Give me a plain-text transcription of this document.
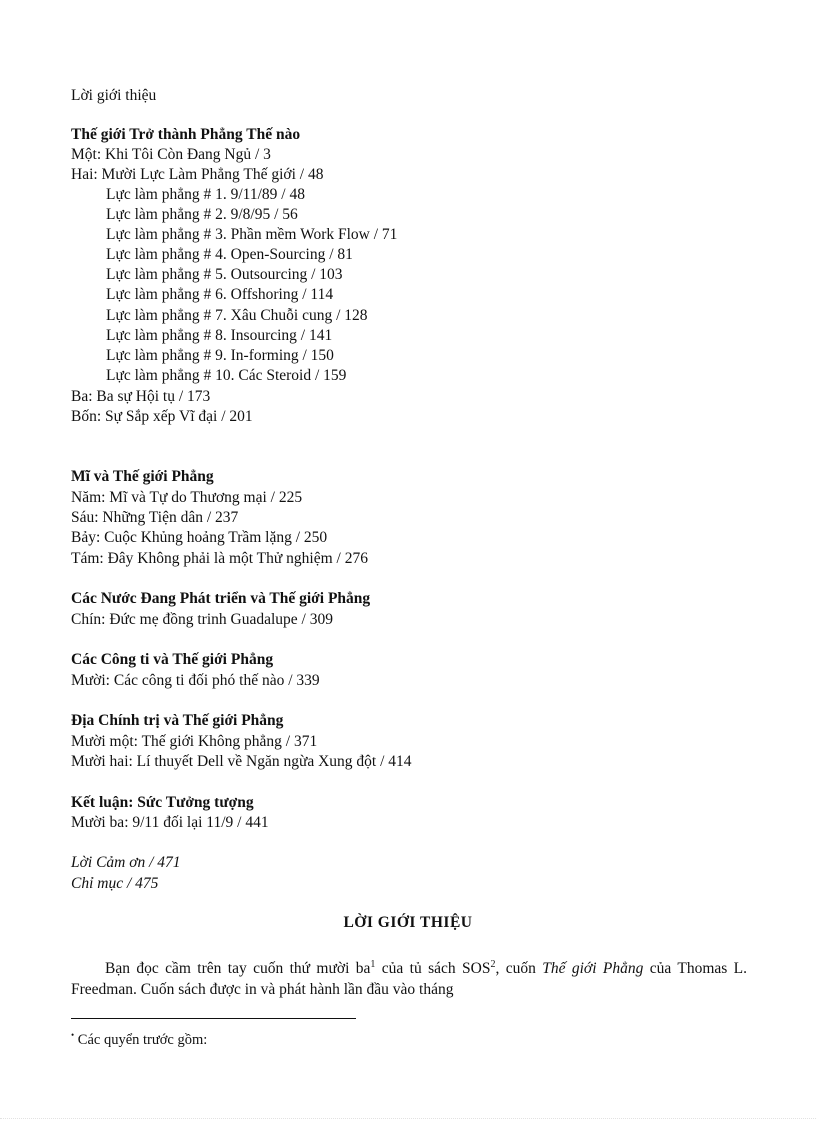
Lời giới thiệu
Thế giới Trở thành Phẳng Thế nào
Một: Khi Tôi Còn Đang Ngủ / 3
Hai: Mười Lực Làm Phẳng Thế giới / 48
Lực làm phẳng # 1. 9/11/89 / 48
Lực làm phẳng # 2. 9/8/95 / 56
Lực làm phẳng # 3. Phần mềm Work Flow / 71
Lực làm phẳng # 4. Open-Sourcing / 81
Lực làm phẳng # 5. Outsourcing / 103
Lực làm phẳng # 6. Offshoring / 114
Lực làm phẳng # 7. Xâu Chuỗi cung / 128
Lực làm phẳng # 8. Insourcing / 141
Lực làm phẳng # 9. In-forming / 150
Lực làm phẳng # 10. Các Steroid / 159
Ba: Ba sự Hội tụ / 173
Bốn: Sự Sắp xếp Vĩ đại / 201
Mĩ và Thế giới Phẳng
Năm: Mĩ và Tự do Thương mại / 225
Sáu: Những Tiện dân / 237
Bảy: Cuộc Khủng hoảng Trầm lặng / 250
Tám: Đây Không phải là một Thử nghiệm / 276
Các Nước Đang Phát triển và Thế giới Phẳng
Chín: Đức mẹ đồng trinh Guadalupe / 309
Các Công ti và Thế giới Phẳng
Mười: Các công ti đối phó thế nào / 339
Địa Chính trị và Thế giới Phẳng
Mười một: Thế giới Không phẳng / 371
Mười hai: Lí thuyết Dell về Ngăn ngừa Xung đột / 414
Kết luận: Sức Tưởng tượng
Mười ba: 9/11 đối lại 11/9 / 441
Lời Cảm ơn / 471
Chỉ mục / 475
LỜI GIỚI THIỆU
Bạn đọc cầm trên tay cuốn thứ mười ba$^1$ của tủ sách SOS$^2$, cuốn Thế giới Phẳng của Thomas L. Freedman. Cuốn sách được in và phát hành lần đầu vào tháng
• Các quyển trước gồm:
